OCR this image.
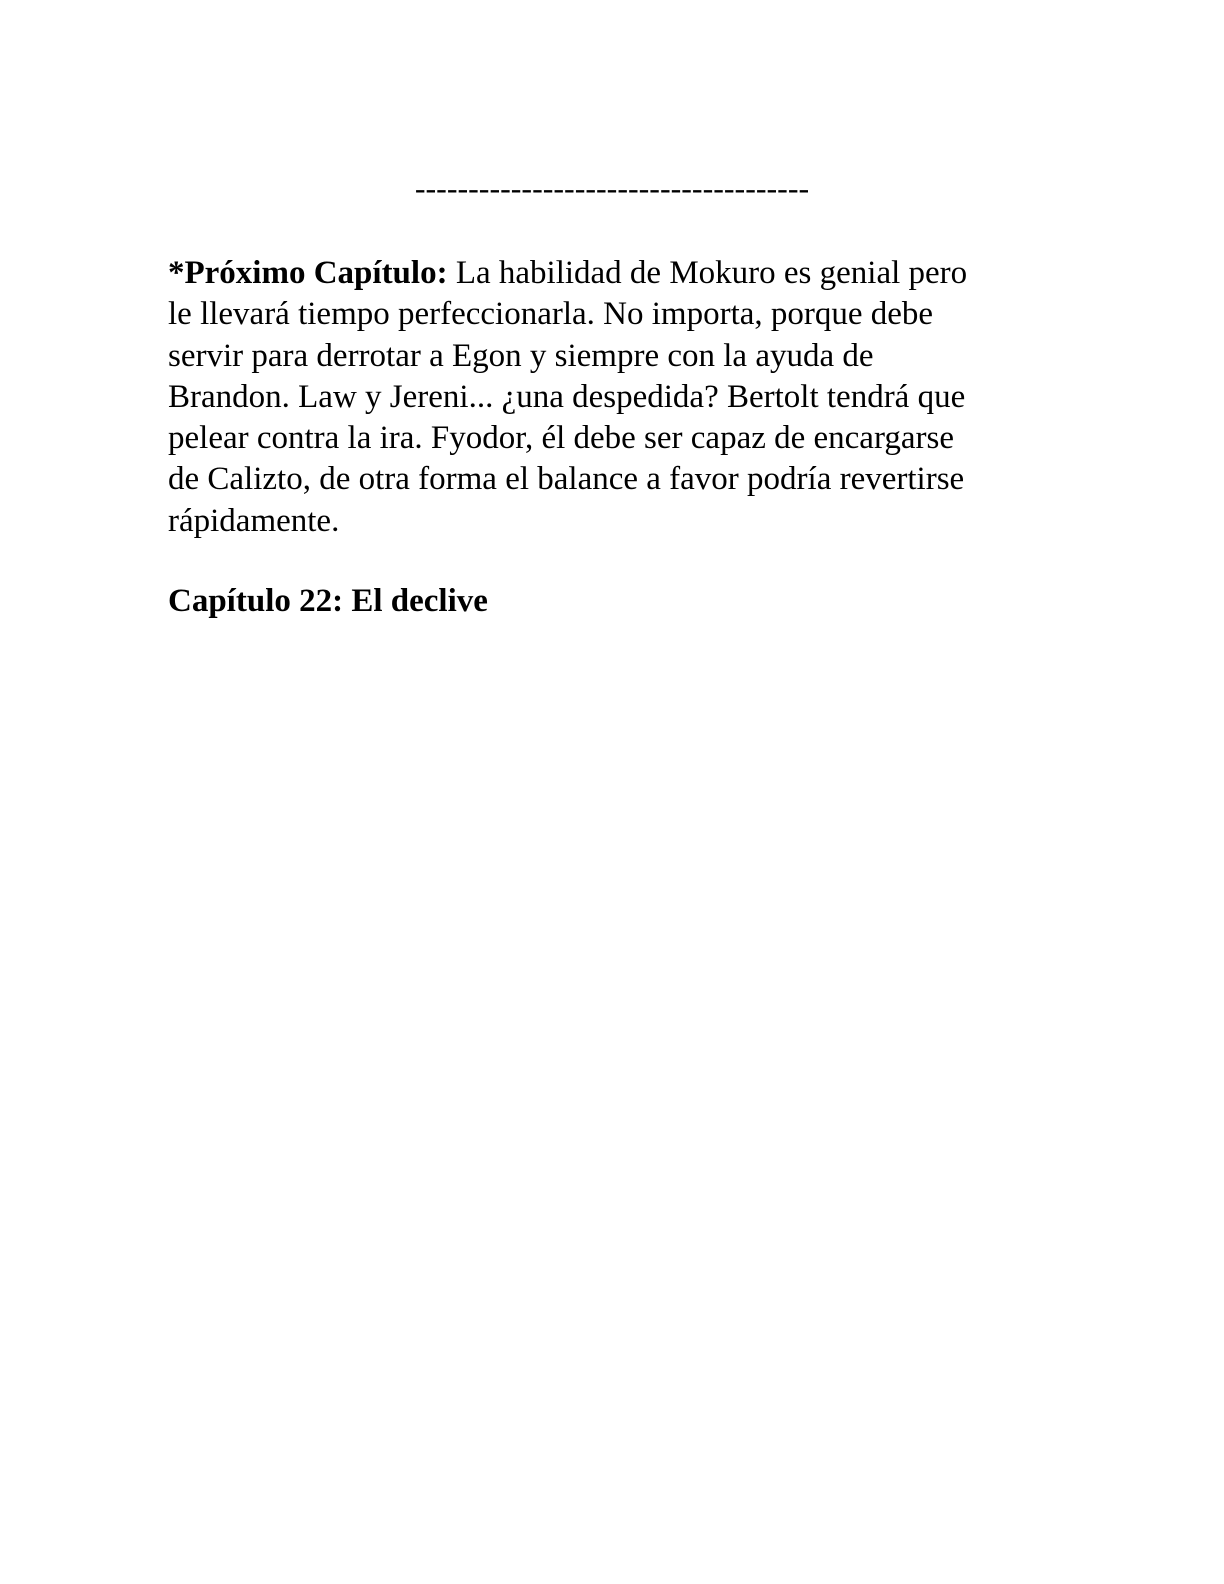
-------------------------------------

*Próximo Capítulo: La habilidad de Mokuro es genial pero
le llevará tiempo perfeccionarla. No importa, porque debe
servir para derrotar a Egon y siempre con la ayuda de
Brandon. Law y Jereni... ¿una despedida? Bertolt tendrá que
pelear contra la ira. Fyodor, él debe ser capaz de encargarse
de Calizto, de otra forma el balance a favor podría revertirse
rápidamente.

Capítulo 22: El declive
